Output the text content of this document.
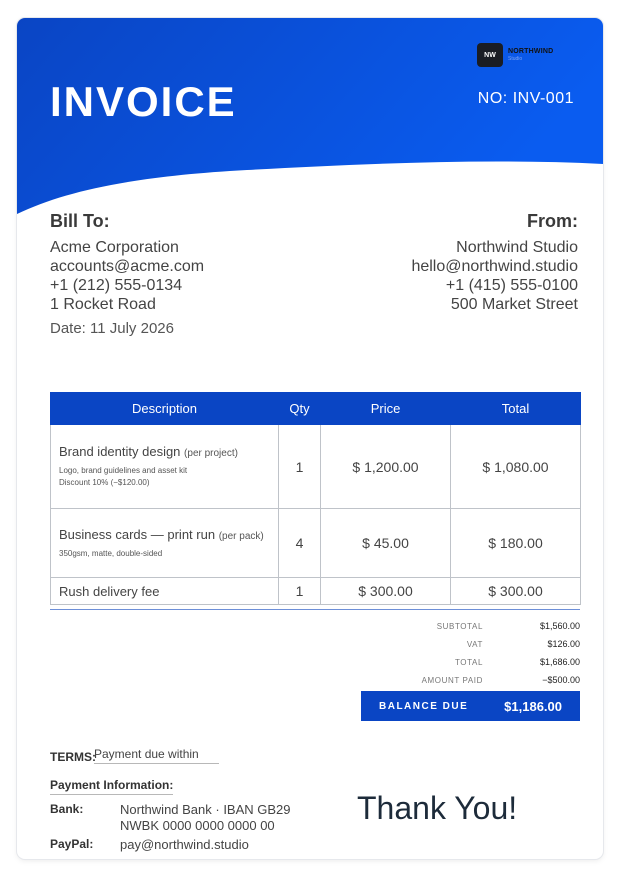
NW	NORTHWIND
Studio
INVOICE	NO: INV-001
Bill To:
Acme Corporation
accounts@acme.com
+1 (212) 555-0134
1 Rocket Road
Date: 11 July 2026
From:
Northwind Studio
hello@northwind.studio
+1 (415) 555-0100
500 Market Street
Description	Qty	Price	Total

Brand identity design (per project)
Logo, brand guidelines and asset kit
Discount 10% (−$120.00)	1	$ 1,200.00	$ 1,080.00

Business cards — print run (per pack)
350gsm, matte, double-sided	4	$ 45.00	$ 180.00

Rush delivery fee	1	$ 300.00	$ 300.00
SUBTOTAL	$1,560.00
VAT	$126.00
TOTAL	$1,686.00
AMOUNT PAID	−$500.00
BALANCE DUE	$1,186.00
TERMS:
Payment due within
Payment Information:
Bank:	Northwind Bank · IBAN GB29
NWBK 0000 0000 0000 00
PayPal:	pay@northwind.studio
Thank You!
